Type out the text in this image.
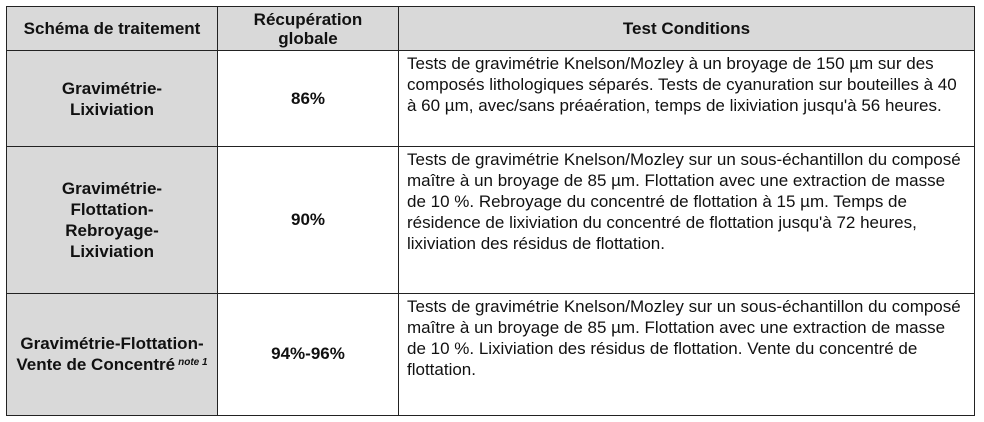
Schéma de traitement	Récupération globale	Test Conditions
Gravimétrie-Lixiviation	86%	Tests de gravimétrie Knelson/Mozley à un broyage de 150 µm sur des composés lithologiques séparés. Tests de cyanuration sur bouteilles à 40 à 60 µm, avec/sans préaération, temps de lixiviation jusqu'à 56 heures.
Gravimétrie-Flottation-Rebroyage-Lixiviation	90%	Tests de gravimétrie Knelson/Mozley sur un sous-échantillon du composé maître à un broyage de 85 µm. Flottation avec une extraction de masse de 10 %. Rebroyage du concentré de flottation à 15 µm. Temps de résidence de lixiviation du concentré de flottation jusqu'à 72 heures, lixiviation des résidus de flottation.
Gravimétrie-Flottation-Vente de Concentré $^{note 1}$	94%-96%	Tests de gravimétrie Knelson/Mozley sur un sous-échantillon du composé maître à un broyage de 85 µm. Flottation avec une extraction de masse de 10 %. Lixiviation des résidus de flottation. Vente du concentré de flottation.
